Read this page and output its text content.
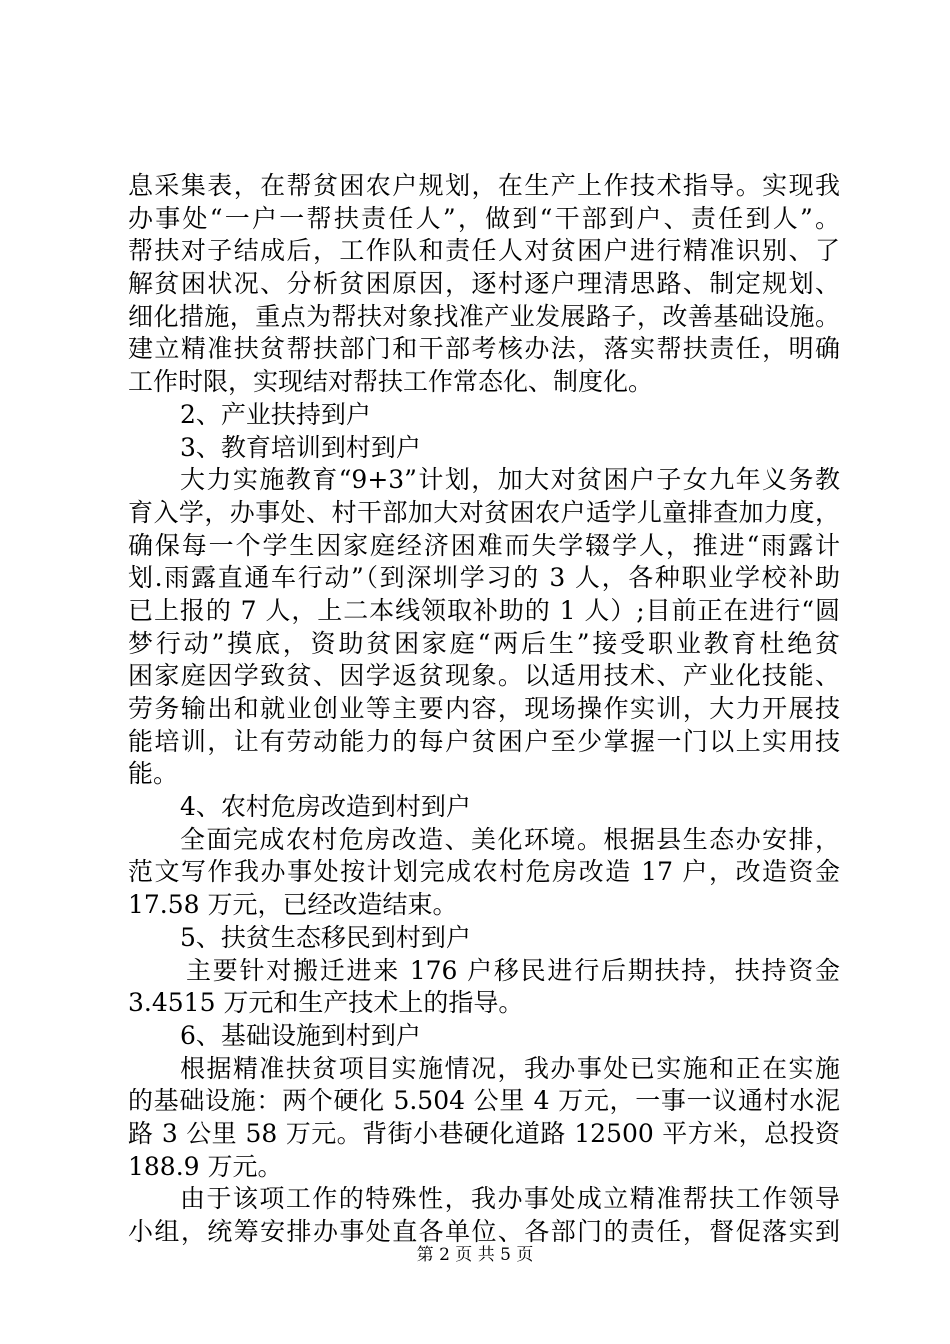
息采集表，在帮贫困农户规划，在生产上作技术指导。实现我
办事处“一户一帮扶责任人”，做到“干部到户、责任到人”。
帮扶对子结成后，工作队和责任人对贫困户进行精准识别、了
解贫困状况、分析贫困原因，逐村逐户理清思路、制定规划、
细化措施，重点为帮扶对象找准产业发展路子，改善基础设施。
建立精准扶贫帮扶部门和干部考核办法，落实帮扶责任，明确
工作时限，实现结对帮扶工作常态化、制度化。
2、产业扶持到户
3、教育培训到村到户
大力实施教育“9+3”计划，加大对贫困户子女九年义务教
育入学，办事处、村干部加大对贫困农户适学儿童排查加力度，
确保每一个学生因家庭经济困难而失学辍学人，推进“雨露计
划.雨露直通车行动”（到深圳学习的 3 人，各种职业学校补助
已上报的 7 人，上二本线领取补助的 1 人）;目前正在进行“圆
梦行动”摸底，资助贫困家庭“两后生”接受职业教育杜绝贫
困家庭因学致贫、因学返贫现象。以适用技术、产业化技能、
劳务输出和就业创业等主要内容，现场操作实训，大力开展技
能培训，让有劳动能力的每户贫困户至少掌握一门以上实用技
能。
4、农村危房改造到村到户
全面完成农村危房改造、美化环境。根据县生态办安排，
范文写作我办事处按计划完成农村危房改造 17 户，改造资金
17.58 万元，已经改造结束。
5、扶贫生态移民到村到户
主要针对搬迁进来 176 户移民进行后期扶持，扶持资金
3.4515 万元和生产技术上的指导。
6、基础设施到村到户
根据精准扶贫项目实施情况，我办事处已实施和正在实施
的基础设施：两个硬化 5.504 公里 4 万元，一事一议通村水泥
路 3 公里 58 万元。背街小巷硬化道路 12500 平方米，总投资
188.9 万元。
由于该项工作的特殊性，我办事处成立精准帮扶工作领导
小组，统筹安排办事处直各单位、各部门的责任，督促落实到
第 2 页 共 5 页
